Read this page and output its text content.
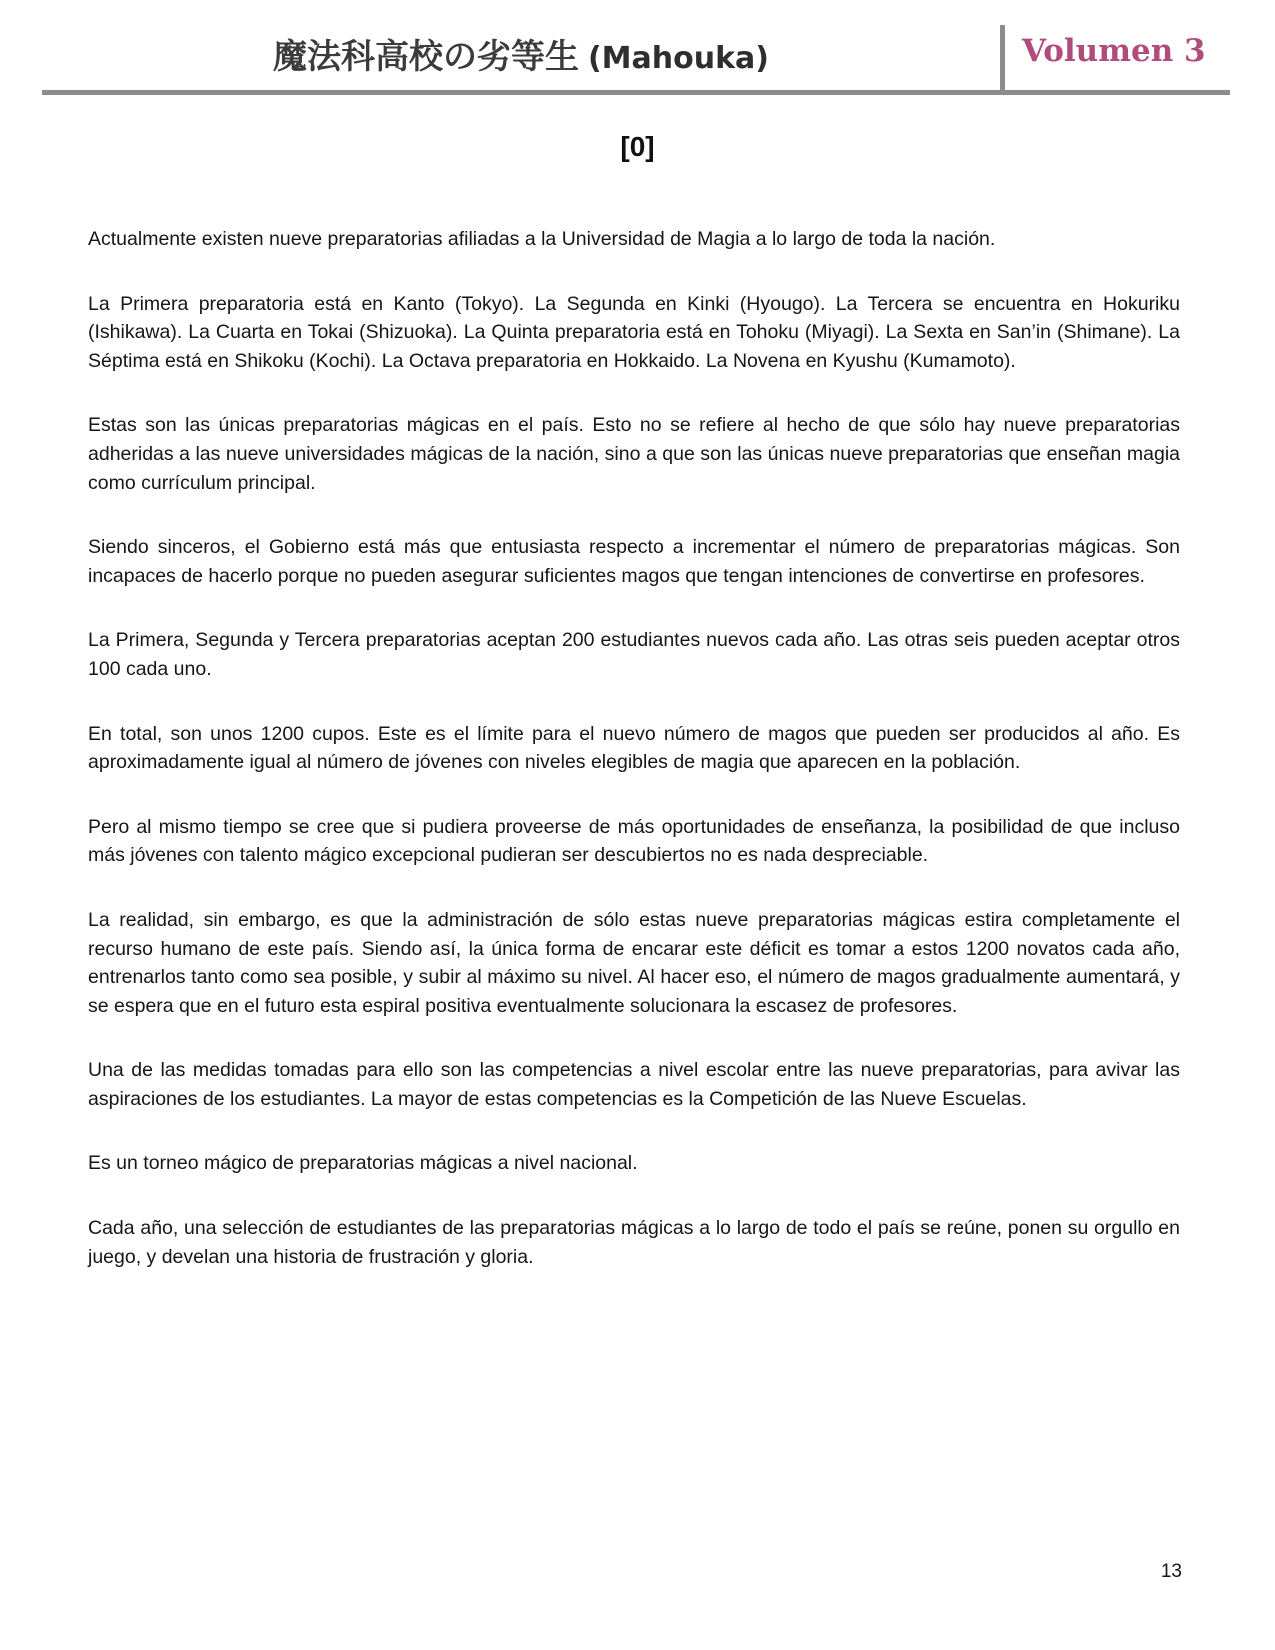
魔法科高校の劣等生 (Mahouka)	Volumen 3
[0]

Actualmente existen nueve preparatorias afiliadas a la Universidad de Magia a lo largo de toda la nación.

La Primera preparatoria está en Kanto (Tokyo). La Segunda en Kinki (Hyougo). La Tercera se encuentra en Hokuriku (Ishikawa). La Cuarta en Tokai (Shizuoka). La Quinta preparatoria está en Tohoku (Miyagi). La Sexta en San’in (Shimane). La Séptima está en Shikoku (Kochi). La Octava preparatoria en Hokkaido. La Novena en Kyushu (Kumamoto).

Estas son las únicas preparatorias mágicas en el país. Esto no se refiere al hecho de que sólo hay nueve preparatorias adheridas a las nueve universidades mágicas de la nación, sino a que son las únicas nueve preparatorias que enseñan magia como currículum principal.

Siendo sinceros, el Gobierno está más que entusiasta respecto a incrementar el número de preparatorias mágicas. Son incapaces de hacerlo porque no pueden asegurar suficientes magos que tengan intenciones de convertirse en profesores.

La Primera, Segunda y Tercera preparatorias aceptan 200 estudiantes nuevos cada año. Las otras seis pueden aceptar otros 100 cada uno.

En total, son unos 1200 cupos. Este es el límite para el nuevo número de magos que pueden ser producidos al año. Es aproximadamente igual al número de jóvenes con niveles elegibles de magia que aparecen en la población.

Pero al mismo tiempo se cree que si pudiera proveerse de más oportunidades de enseñanza, la posibilidad de que incluso más jóvenes con talento mágico excepcional pudieran ser descubiertos no es nada despreciable.

La realidad, sin embargo, es que la administración de sólo estas nueve preparatorias mágicas estira completamente el recurso humano de este país. Siendo así, la única forma de encarar este déficit es tomar a estos 1200 novatos cada año, entrenarlos tanto como sea posible, y subir al máximo su nivel. Al hacer eso, el número de magos gradualmente aumentará, y se espera que en el futuro esta espiral positiva eventualmente solucionara la escasez de profesores.

Una de las medidas tomadas para ello son las competencias a nivel escolar entre las nueve preparatorias, para avivar las aspiraciones de los estudiantes. La mayor de estas competencias es la Competición de las Nueve Escuelas.

Es un torneo mágico de preparatorias mágicas a nivel nacional.

Cada año, una selección de estudiantes de las preparatorias mágicas a lo largo de todo el país se reúne, ponen su orgullo en juego, y develan una historia de frustración y gloria.

13
